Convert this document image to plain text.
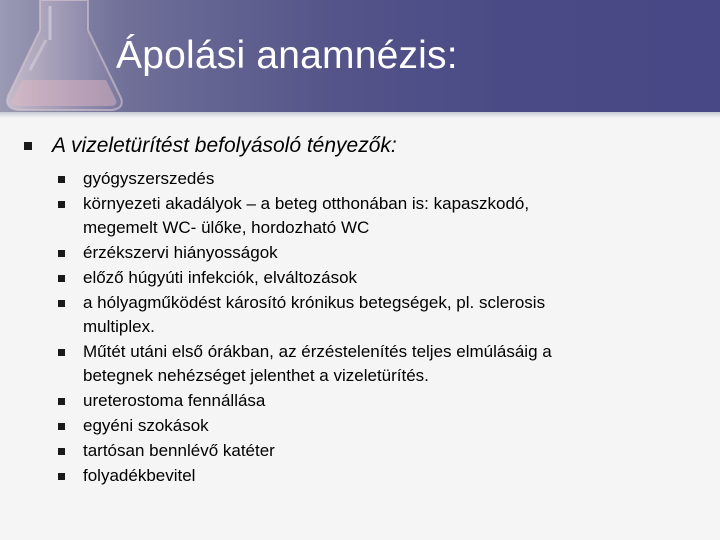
Ápolási anamnézis:
A vizeletürítést befolyásoló tényezők:
gyógyszerszedés
környezeti akadályok – a beteg otthonában is: kapaszkodó,
megemelt WC- ülőke, hordozható WC
érzékszervi hiányosságok
előző húgyúti infekciók, elváltozások
a hólyagműködést károsító krónikus betegségek, pl. sclerosis
multiplex.
Műtét utáni első órákban, az érzéstelenítés teljes elmúlásáig a
betegnek nehézséget jelenthet a vizeletürítés.
ureterostoma fennállása
egyéni szokások
tartósan bennlévő katéter
folyadékbevitel
